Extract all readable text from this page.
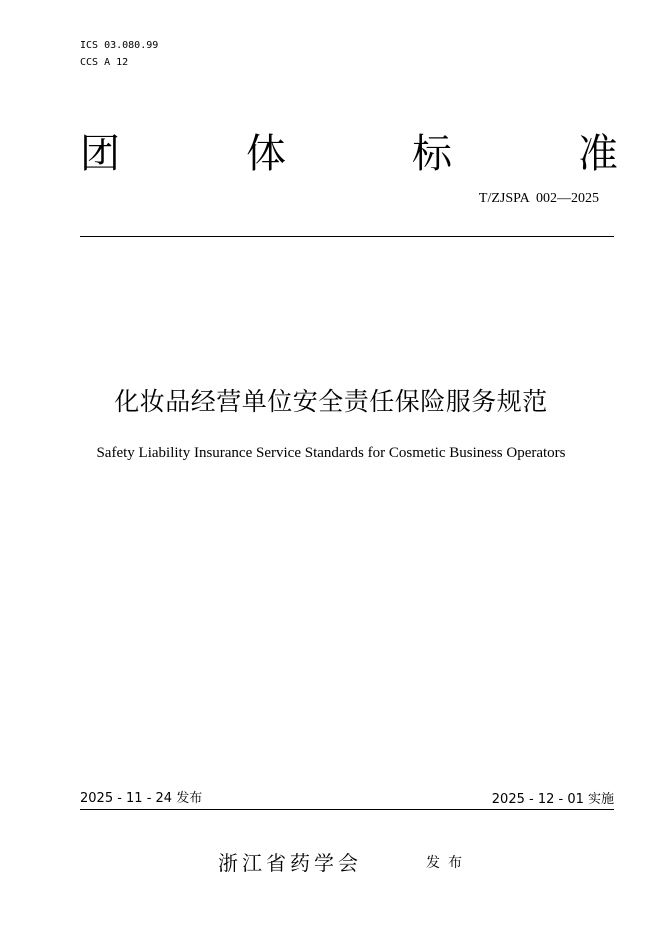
ICS 03.080.99
CCS A 12
团	体	标	准
T/ZJSPA  002—2025
化妆品经营单位安全责任保险服务规范
Safety Liability Insurance Service Standards for Cosmetic Business Operators
2025 - 11 - 24 发布	2025 - 12 - 01 实施
浙江省药学会	发布
